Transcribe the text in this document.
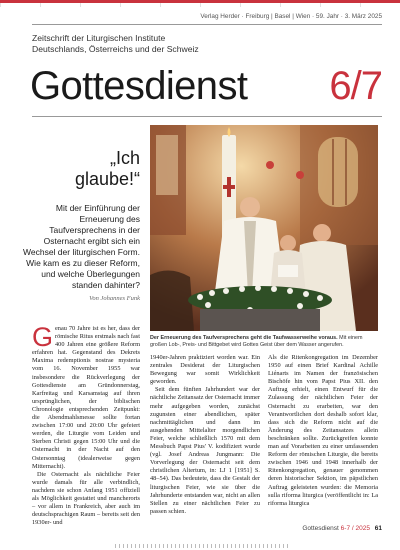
Verlag Herder · Freiburg | Basel | Wien · 59. Jahr · 3. März 2025
Zeitschrift der Liturgischen Institute
Deutschlands, Österreichs und der Schweiz
Gottesdienst 6/7
„Ich glaube!“
Mit der Einführung der Erneuerung des Taufversprechens in der Osternacht ergibt sich ein Wechsel der liturgischen Form. Wie kam es zu dieser Reform, und welche Überlegungen standen dahinter?
Von Johannes Funk
Der Erneuerung des Taufversprechens geht die Taufwasserweihe voraus. Mit einem großen Lob-, Preis- und Bittgebet wird Gottes Geist über dem Wasser angerufen.

Genau 70 Jahre ist es her, dass der römische Ritus erstmals nach fast 400 Jahren eine größere Reform erfahren hat. Gegenstand des Dekrets Maxima redemptionis nostrae mysteria vom 16. November 1955 war insbesondere die Rückverlegung der Gottesdienste am Gründonnerstag, Karfreitag und Karsamstag auf ihren ursprünglichen, der biblischen Chronologie entsprechenden Zeitpunkt: die Abendmahlsmesse sollte fortan zwischen 17:00 und 20:00 Uhr gefeiert werden, die Liturgie vom Leiden und Sterben Christi gegen 15:00 Uhr und die Osternacht in der Nacht auf den Ostersonntag (idealerweise gegen Mitternacht).

Die Osternacht als nächtliche Feier wurde damals für alle verbindlich, nachdem sie schon Anfang 1951 offiziell als Möglichkeit gestattet und mancherorts – vor allem in Frankreich, aber auch im deutschsprachigen Raum – bereits seit den 1930er- und

1940er-Jahren praktiziert worden war. Ein zentrales Desiderat der Liturgischen Bewegung war somit Wirklichkeit geworden.

Seit dem fünften Jahrhundert war der nächtliche Zeitansatz der Osternacht immer mehr aufgegeben worden, zunächst zugunsten einer abendlichen, später nachmittäglichen und dann im ausgehenden Mittelalter morgendlichen Feier, welche schließlich 1570 mit dem Messbuch Papst Pius' V. kodifiziert wurde (vgl. Josef Andreas Jungmann: Die Vorverlegung der Osternacht seit dem christlichen Altertum, in: LJ 1 [1951] S. 48–54). Das bedeutete, dass die Gestalt der liturgischen Feier, wie sie über die Jahrhunderte entstanden war, nicht an allen Stellen zu einer nächtlichen Feier zu passen schien.

Als die Ritenkongregation im Dezember 1950 auf einen Brief Kardinal Achille Liénarts im Namen der französischen Bischöfe hin vom Papst Pius XII. den Auftrag erhielt, einen Entwurf für die Zulassung der nächtlichen Feier der Osternacht zu erarbeiten, war den Verantwortlichen dort deshalb sofort klar, dass sich die Reform nicht auf die Änderung des Zeitansatzes allein beschränken sollte. Zurückgreifen konnte man auf Vorarbeiten zu einer umfassenden Reform der römischen Liturgie, die bereits zwischen 1946 und 1948 innerhalb der Ritenkongregation, genauer genommen deren historischer Sektion, im päpstlichen Auftrag geleisteten wurden: die Memoria sulla riforma liturgica (veröffentlicht in: La riforma liturgica

Gottesdienst 6-7 / 2025 61
